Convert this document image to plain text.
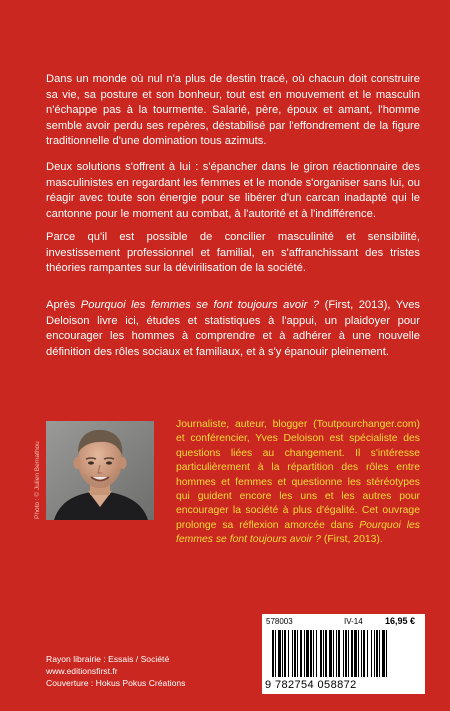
Dans un monde où nul n'a plus de destin tracé, où chacun doit construire sa vie, sa posture et son bonheur, tout est en mouvement et le masculin n'échappe pas à la tourmente. Salarié, père, époux et amant, l'homme semble avoir perdu ses repères, déstabilisé par l'effondrement de la figure traditionnelle d'une domination tous azimuts.

Deux solutions s'offrent à lui : s'épancher dans le giron réactionnaire des masculinistes en regardant les femmes et le monde s'organiser sans lui, ou réagir avec toute son énergie pour se libérer d'un carcan inadapté qui le cantonne pour le moment au combat, à l'autorité et à l'indifférence.

Parce qu'il est possible de concilier masculinité et sensibilité, investissement professionnel et familial, en s'affranchissant des tristes théories rampantes sur la dévirilisation de la société.

Après Pourquoi les femmes se font toujours avoir ? (First, 2013), Yves Deloison livre ici, études et statistiques à l'appui, un plaidoyer pour encourager les hommes à comprendre et à adhérer à une nouvelle définition des rôles sociaux et familiaux, et à s'y épanouir pleinement.

Photo : © Julien Bernathou

Journaliste, auteur, blogger (Toutpourchanger.com) et conférencier, Yves Deloison est spécialiste des questions liées au changement. Il s'intéresse particulièrement à la répartition des rôles entre hommes et femmes et questionne les stéréotypes qui guident encore les uns et les autres pour encourager la société à plus d'égalité. Cet ouvrage prolonge sa réflexion amorcée dans Pourquoi les femmes se font toujours avoir ? (First, 2013).

Rayon librairie : Essais / Société
www.editionsfirst.fr
Couverture : Hokus Pokus Créations
578003	IV-14 16,95 €
9 782754 058872
